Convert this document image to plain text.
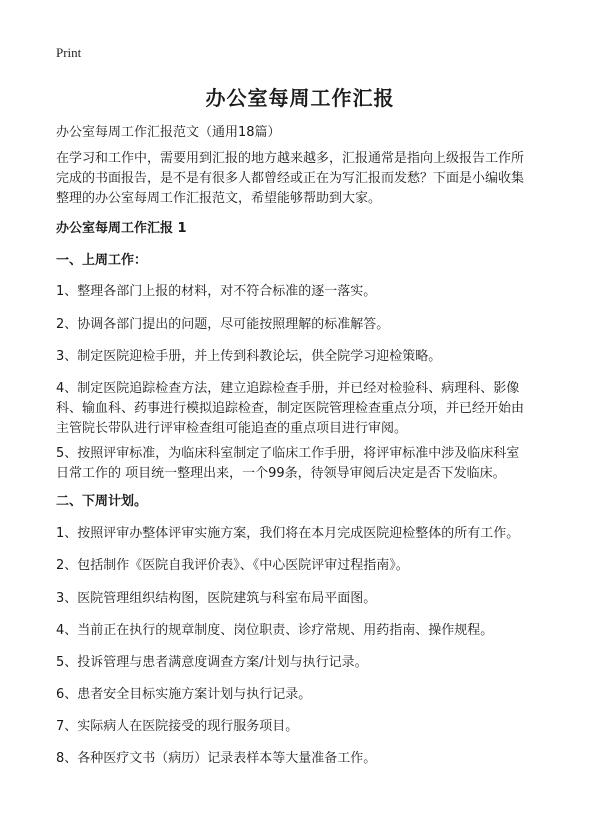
Print
办公室每周工作汇报
办公室每周工作汇报范文（通用18篇）
在学习和工作中，需要用到汇报的地方越来越多，汇报通常是指向上级报告工作所
完成的书面报告，是不是有很多人都曾经或正在为写汇报而发愁？下面是小编收集
整理的办公室每周工作汇报范文，希望能够帮助到大家。
办公室每周工作汇报 1
一、上周工作：
1、整理各部门上报的材料，对不符合标准的逐一落实。
2、协调各部门提出的问题，尽可能按照理解的标准解答。
3、制定医院迎检手册，并上传到科教论坛，供全院学习迎检策略。
4、制定医院追踪检查方法，建立追踪检查手册，并已经对检验科、病理科、影像
科、输血科、药事进行模拟追踪检查，制定医院管理检查重点分项，并已经开始由
主管院长带队进行评审检查组可能追查的重点项目进行审阅。
5、按照评审标准，为临床科室制定了临床工作手册，将评审标准中涉及临床科室
日常工作的 项目统一整理出来，一个99条，待领导审阅后决定是否下发临床。
二、下周计划。
1、按照评审办整体评审实施方案，我们将在本月完成医院迎检整体的所有工作。
2、包括制作《医院自我评价表》、《中心医院评审过程指南》。
3、医院管理组织结构图，医院建筑与科室布局平面图。
4、当前正在执行的规章制度、岗位职责、诊疗常规、用药指南、操作规程。
5、投诉管理与患者满意度调查方案/计划与执行记录。
6、患者安全目标实施方案计划与执行记录。
7、实际病人在医院接受的现行服务项目。
8、各种医疗文书（病历）记录表样本等大量准备工作。
